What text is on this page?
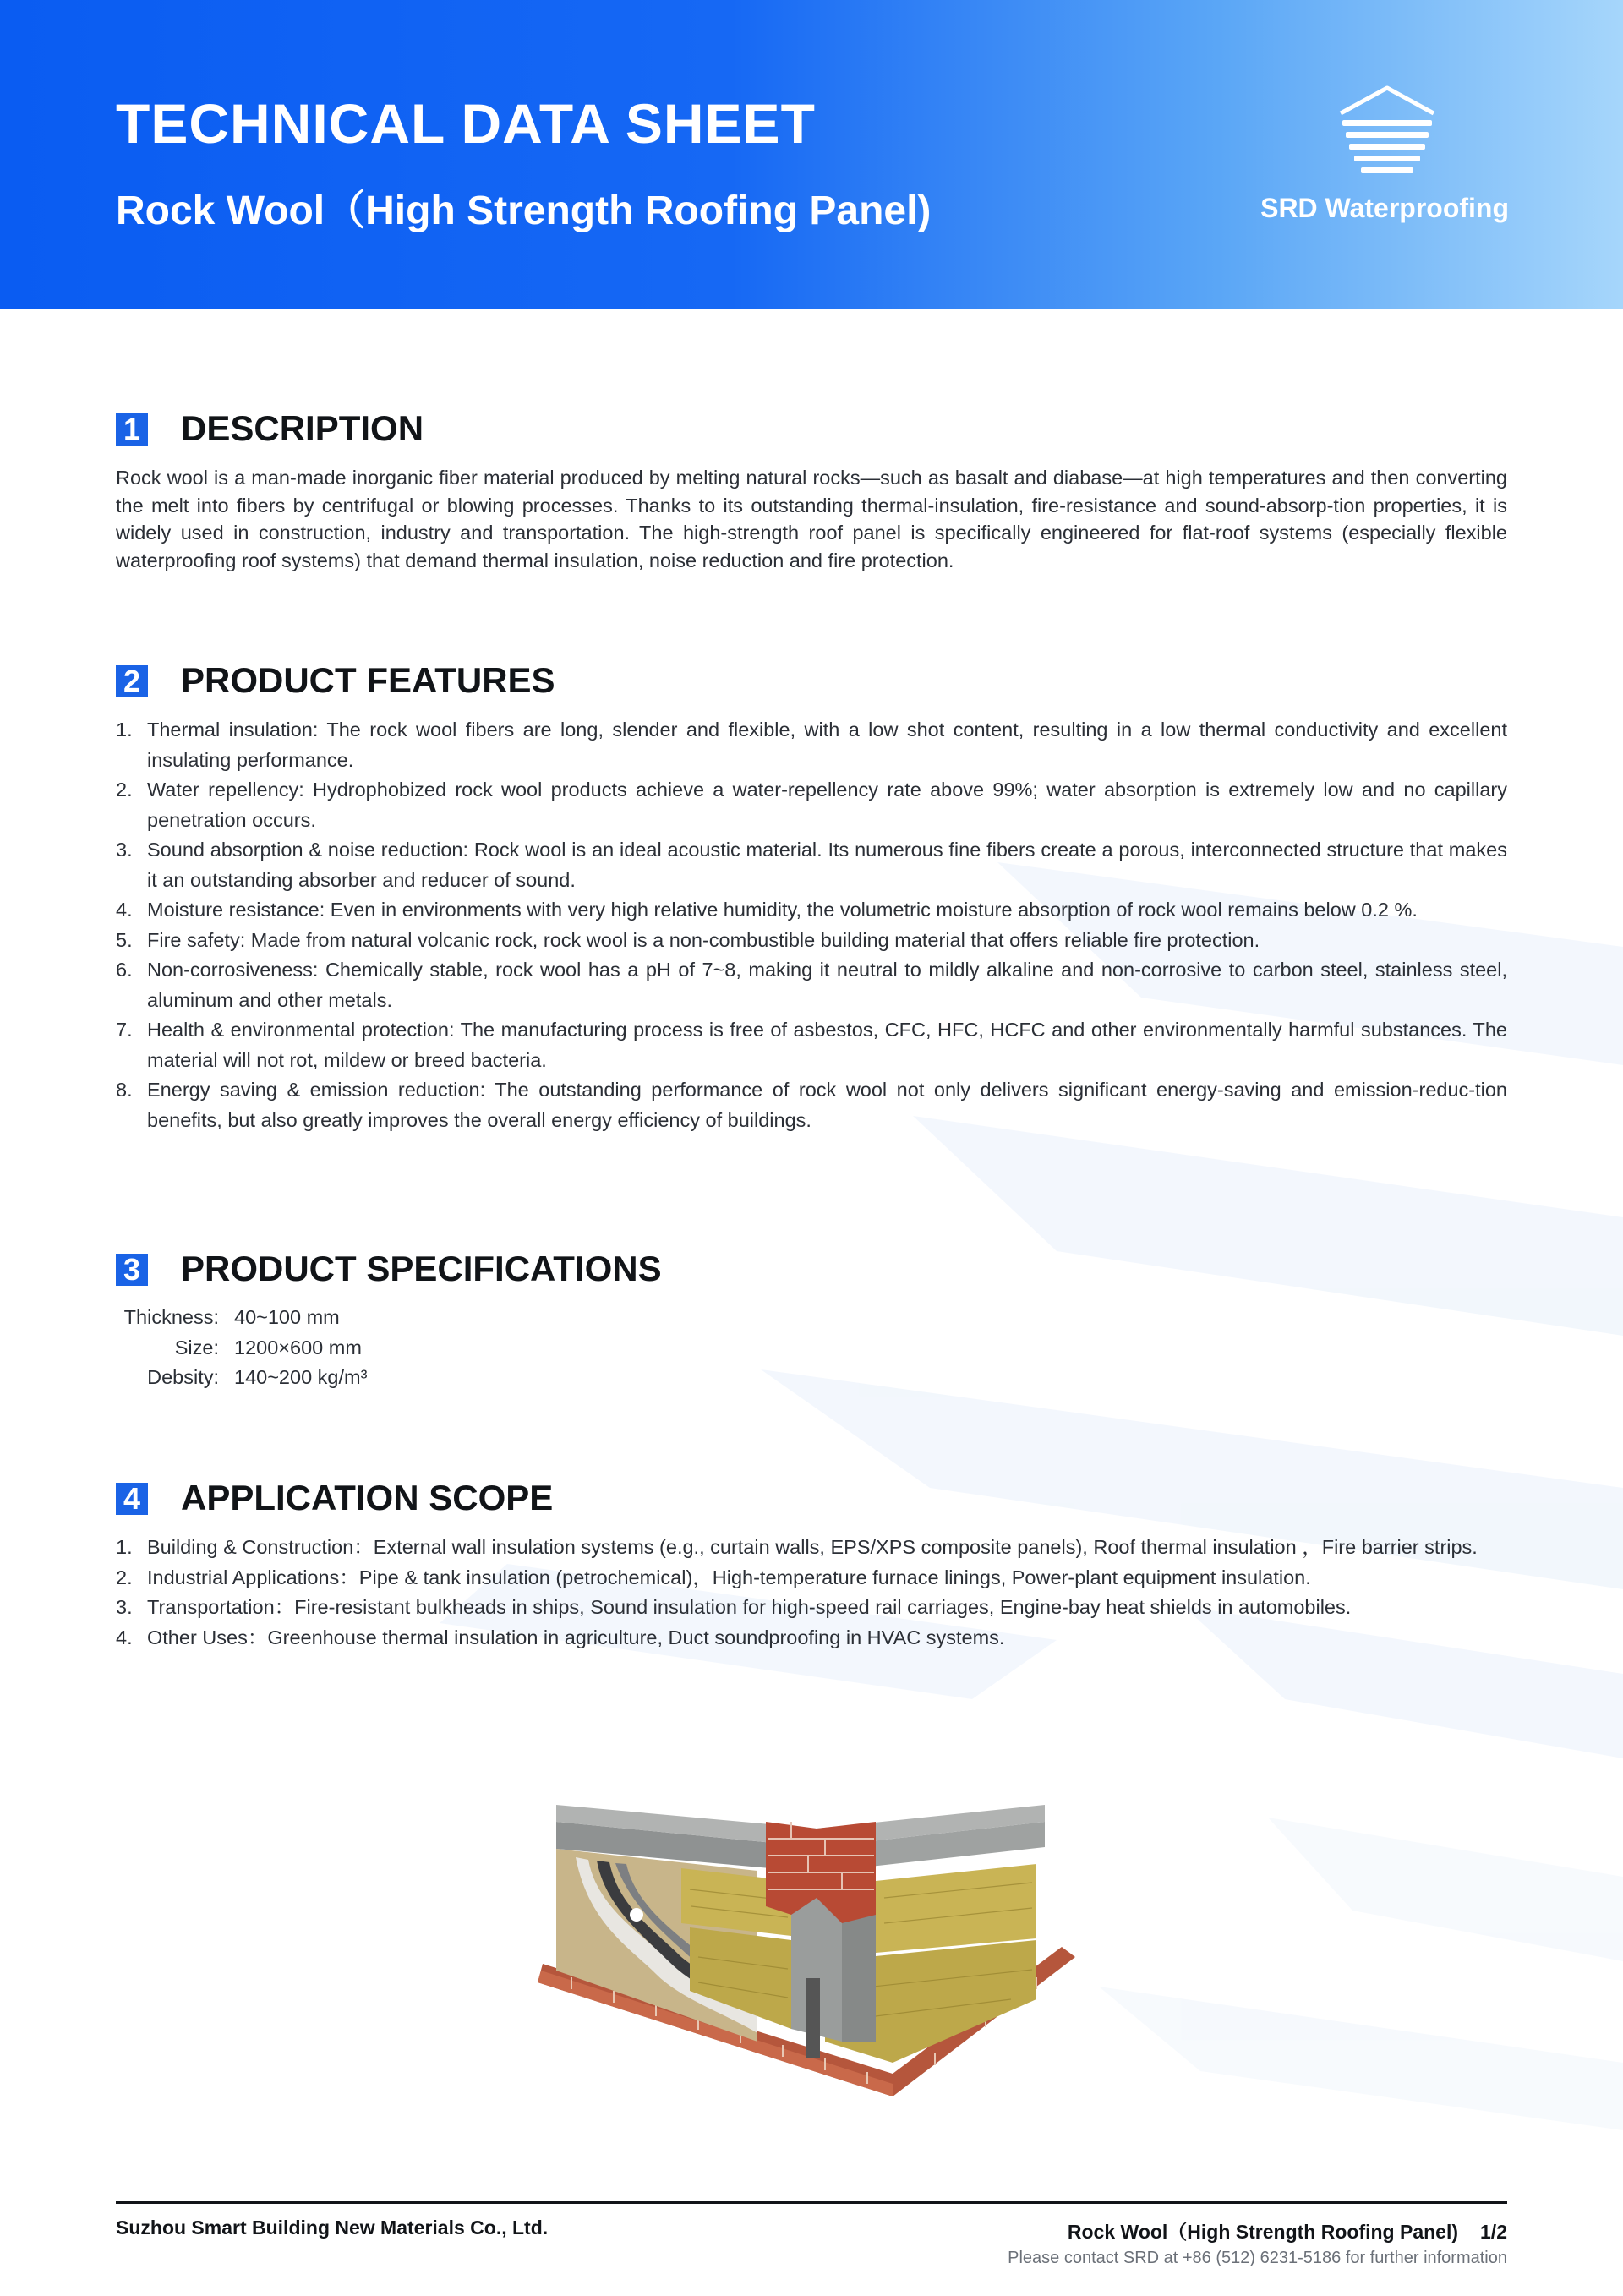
TECHNICAL DATA SHEET
Rock Wool（High Strength Roofing Panel)	SRD Waterproofing
1 DESCRIPTION

Rock wool is a man-made inorganic fiber material produced by melting natural rocks—such as basalt and diabase—at high temperatures and then converting the melt into fibers by centrifugal or blowing processes. Thanks to its outstanding thermal-insulation, fire-resistance and sound-absorp-tion properties, it is widely used in construction, industry and transportation. The high-strength roof panel is specifically engineered for flat-roof systems (especially flexible waterproofing roof systems) that demand thermal insulation, noise reduction and fire protection.

2 PRODUCT FEATURES
1. Thermal insulation: The rock wool fibers are long, slender and flexible, with a low shot content, resulting in a low thermal conductivity and excellent insulating performance.
2. Water repellency: Hydrophobized rock wool products achieve a water-repellency rate above 99%; water absorption is extremely low and no capillary penetration occurs.
3. Sound absorption & noise reduction: Rock wool is an ideal acoustic material. Its numerous fine fibers create a porous, interconnected structure that makes it an outstanding absorber and reducer of sound.
4. Moisture resistance: Even in environments with very high relative humidity, the volumetric moisture absorption of rock wool remains below 0.2 %.
5. Fire safety: Made from natural volcanic rock, rock wool is a non-combustible building material that offers reliable fire protection.
6. Non-corrosiveness: Chemically stable, rock wool has a pH of 7~8, making it neutral to mildly alkaline and non-corrosive to carbon steel, stainless steel, aluminum and other metals.
7. Health & environmental protection: The manufacturing process is free of asbestos, CFC, HFC, HCFC and other environmentally harmful substances. The material will not rot, mildew or breed bacteria.
8. Energy saving & emission reduction: The outstanding performance of rock wool not only delivers significant energy-saving and emission-reduc-tion benefits, but also greatly improves the overall energy efficiency of buildings.
3 PRODUCT SPECIFICATIONS
Thickness: 40~100 mm
Size: 1200×600 mm
Debsity: 140~200 kg/m³
4 APPLICATION SCOPE
1. Building & Construction：External wall insulation systems (e.g., curtain walls, EPS/XPS composite panels), Roof thermal insulation ，Fire barrier strips.
2. Industrial Applications：Pipe & tank insulation (petrochemical)，High-temperature furnace linings, Power-plant equipment insulation.
3. Transportation：Fire-resistant bulkheads in ships, Sound insulation for high-speed rail carriages, Engine-bay heat shields in automobiles.
4. Other Uses：Greenhouse thermal insulation in agriculture, Duct soundproofing in HVAC systems.
Suzhou Smart Building New Materials Co., Ltd.	Rock Wool（High Strength Roofing Panel) 1/2
Please contact SRD at +86 (512) 6231-5186 for further information
